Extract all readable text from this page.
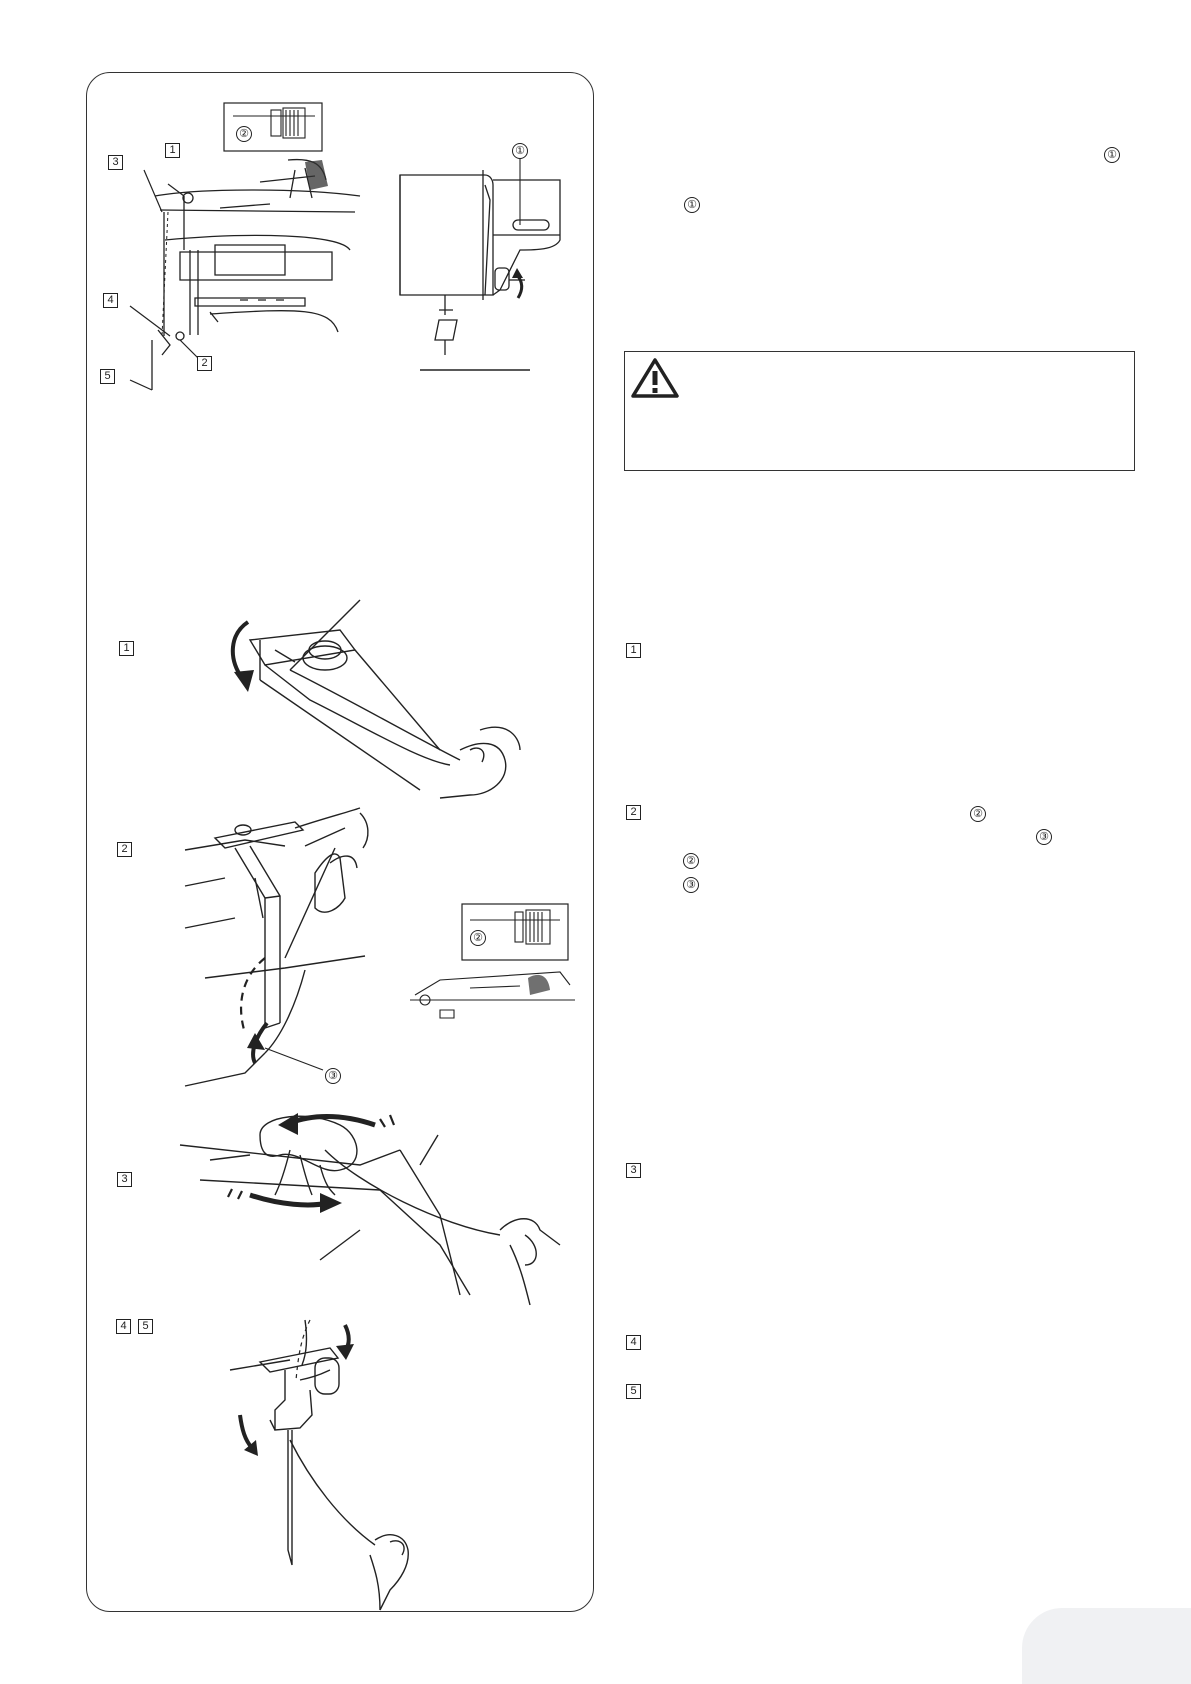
1
3
4
2
5
②
①
1
2
③
②
3
4	5
①
①
1
2	②
③
②
③
3
4
5
